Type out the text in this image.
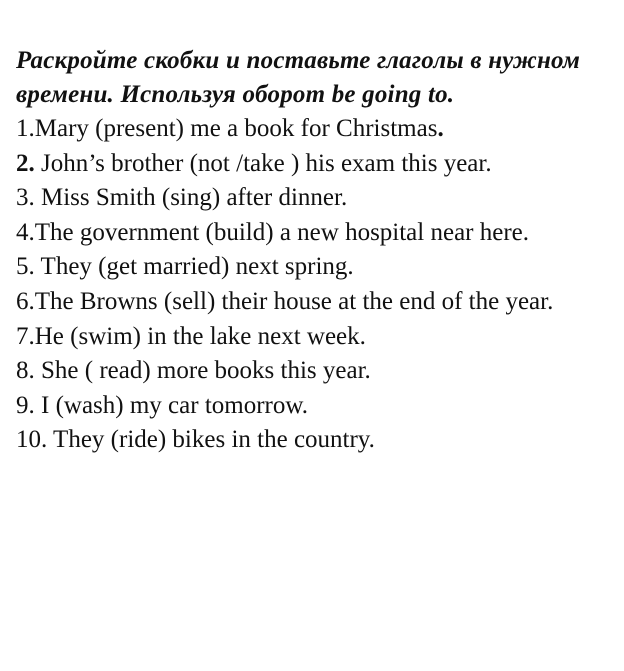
Раскройте скобки и поставьте глаголы в нужном времени. Используя оборот be going to.

1.Mary (present) me a book for Christmas.
2. John’s brother (not /take ) his exam this year.
3. Miss Smith (sing) after dinner.
4.The government (build) a new hospital near here.
5. They (get married) next spring.
6.The Browns (sell) their house at the end of the year.
7.He (swim) in the lake next week.
8. She ( read) more books this year.
9. I (wash) my car tomorrow.
10. They (ride) bikes in the country.
